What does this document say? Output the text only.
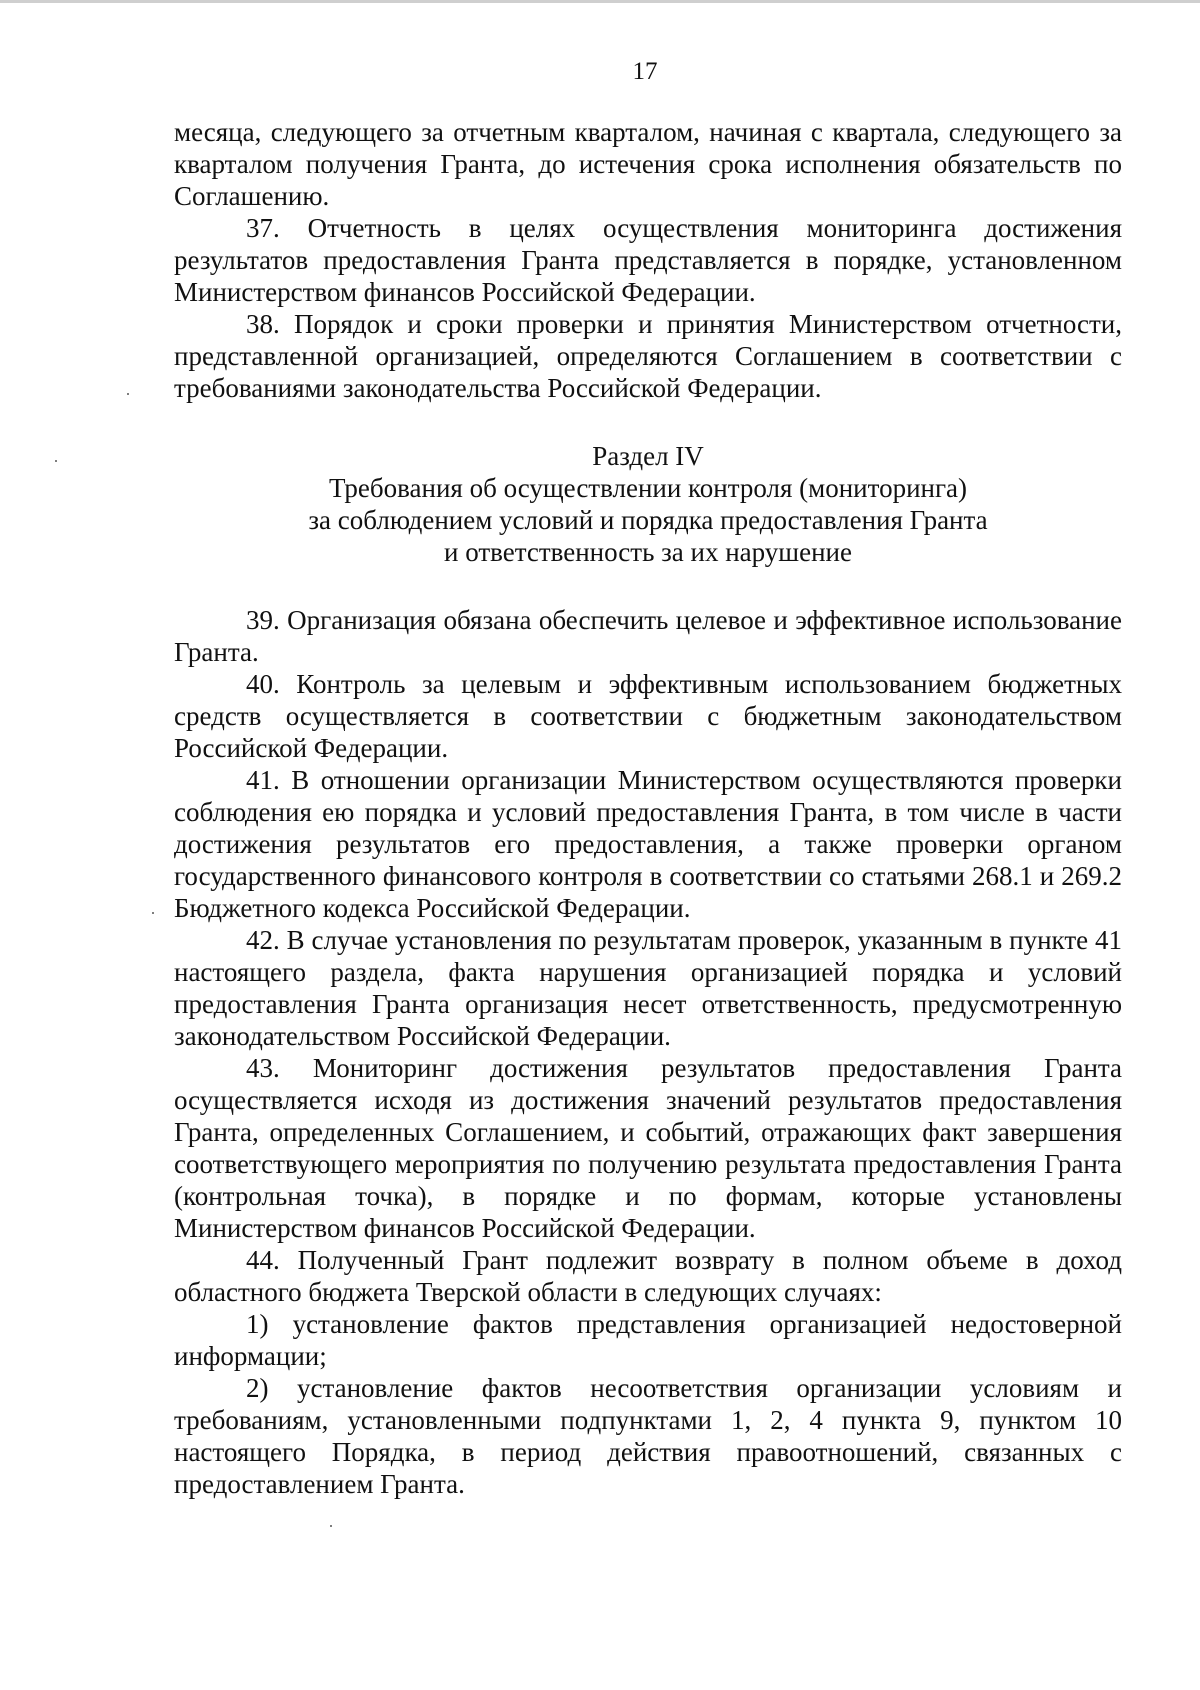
17

месяца, следующего за отчетным кварталом, начиная с квартала, следующего за кварталом получения Гранта, до истечения срока исполнения обязательств по Соглашению.

37. Отчетность в целях осуществления мониторинга достижения результатов предоставления Гранта представляется в порядке, установленном Министерством финансов Российской Федерации.

38. Порядок и сроки проверки и принятия Министерством отчетности, представленной организацией, определяются Соглашением в соответствии с требованиями законодательства Российской Федерации.

Раздел IV

Требования об осуществлении контроля (мониторинга)

за соблюдением условий и порядка предоставления Гранта

и ответственность за их нарушение

39. Организация обязана обеспечить целевое и эффективное использование Гранта.

40. Контроль за целевым и эффективным использованием бюджетных средств осуществляется в соответствии с бюджетным законодательством Российской Федерации.

41. В отношении организации Министерством осуществляются проверки соблюдения ею порядка и условий предоставления Гранта, в том числе в части достижения результатов его предоставления, а также проверки органом государственного финансового контроля в соответствии со статьями 268.1 и 269.2 Бюджетного кодекса Российской Федерации.

42. В случае установления по результатам проверок, указанным в пункте 41 настоящего раздела, факта нарушения организацией порядка и условий предоставления Гранта организация несет ответственность, предусмотренную законодательством Российской Федерации.

43. Мониторинг достижения результатов предоставления Гранта осуществляется исходя из достижения значений результатов предоставления Гранта, определенных Соглашением, и событий, отражающих факт завершения соответствующего мероприятия по получению результата предоставления Гранта (контрольная точка), в порядке и по формам, которые установлены Министерством финансов Российской Федерации.

44. Полученный Грант подлежит возврату в полном объеме в доход областного бюджета Тверской области в следующих случаях:

1) установление фактов представления организацией недостоверной информации;

2) установление фактов несоответствия организации условиям и требованиям, установленными подпунктами 1, 2, 4 пункта 9, пунктом 10 настоящего Порядка, в период действия правоотношений, связанных с предоставлением Гранта.
